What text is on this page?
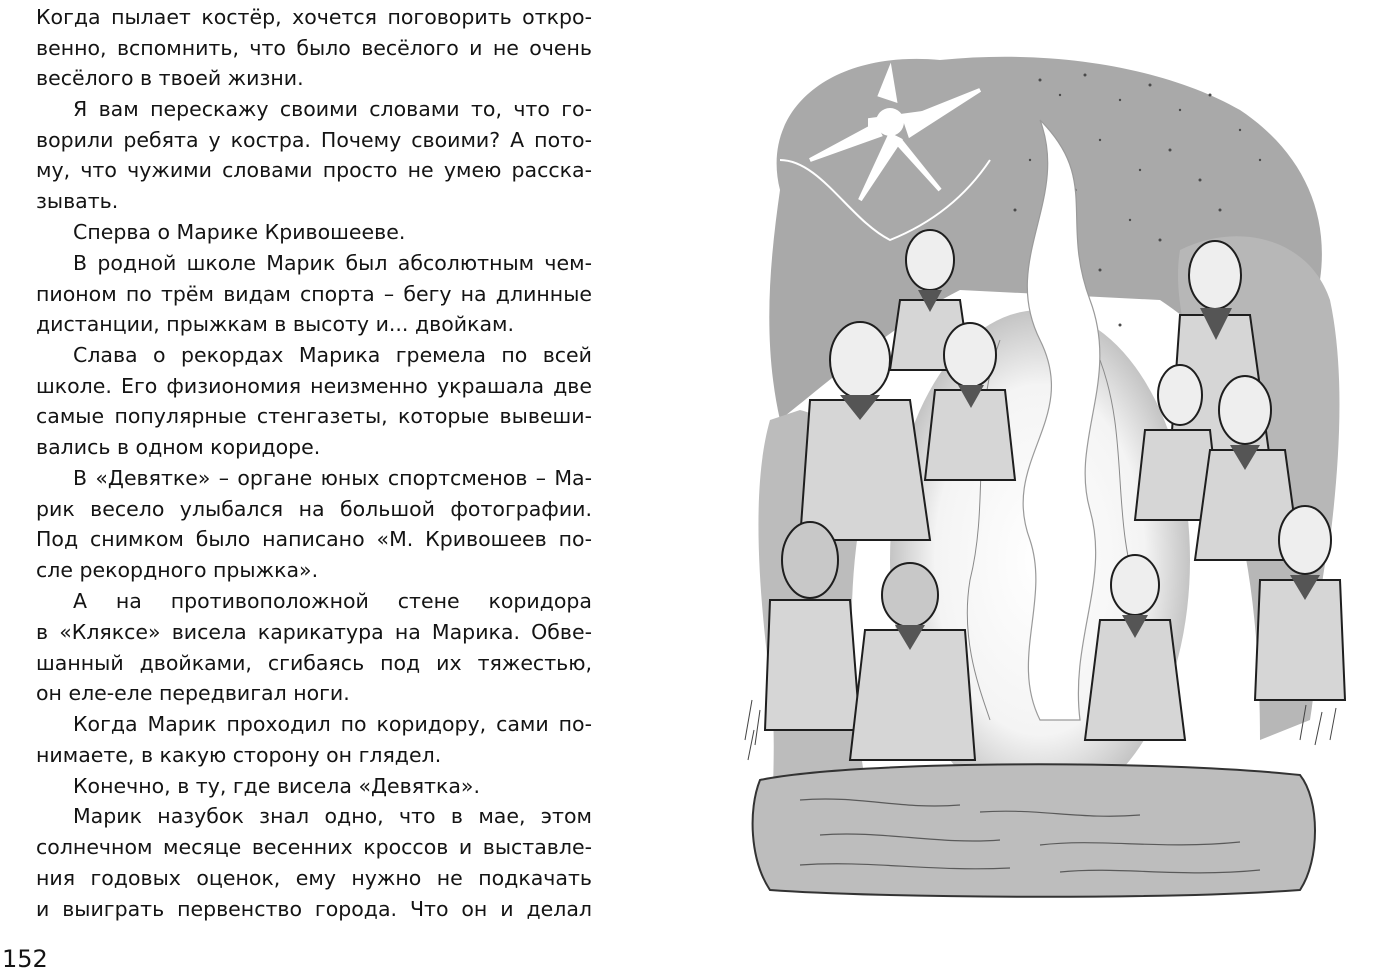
Когда пылает костёр, хочется поговорить откро-
венно, вспомнить, что было весёлого и не очень
весёлого в твоей жизни.
Я вам перескажу своими словами то, что го-
ворили ребята у костра. Почему своими? А пото-
му, что чужими словами просто не умею расска-
зывать.
Сперва о Марике Кривошееве.
В родной школе Марик был абсолютным чем-
пионом по трём видам спорта – бегу на длинные
дистанции, прыжкам в высоту и... двойкам.
Слава о рекордах Марика гремела по всей
школе. Его физиономия неизменно украшала две
самые популярные стенгазеты, которые вывеши-
вались в одном коридоре.
В «Девятке» – органе юных спортсменов – Ма-
рик весело улыбался на большой фотографии.
Под снимком было написано «М. Кривошеев по-
сле рекордного прыжка».
А на противоположной стене коридора
в «Кляксе» висела карикатура на Марика. Обве-
шанный двойками, сгибаясь под их тяжестью,
он еле-еле передвигал ноги.
Когда Марик проходил по коридору, сами по-
нимаете, в какую сторону он глядел.
Конечно, в ту, где висела «Девятка».
Марик назубок знал одно, что в мае, этом
солнечном месяце весенних кроссов и выставле-
ния годовых оценок, ему нужно не подкачать
и выиграть первенство города. Что он и делал
152
